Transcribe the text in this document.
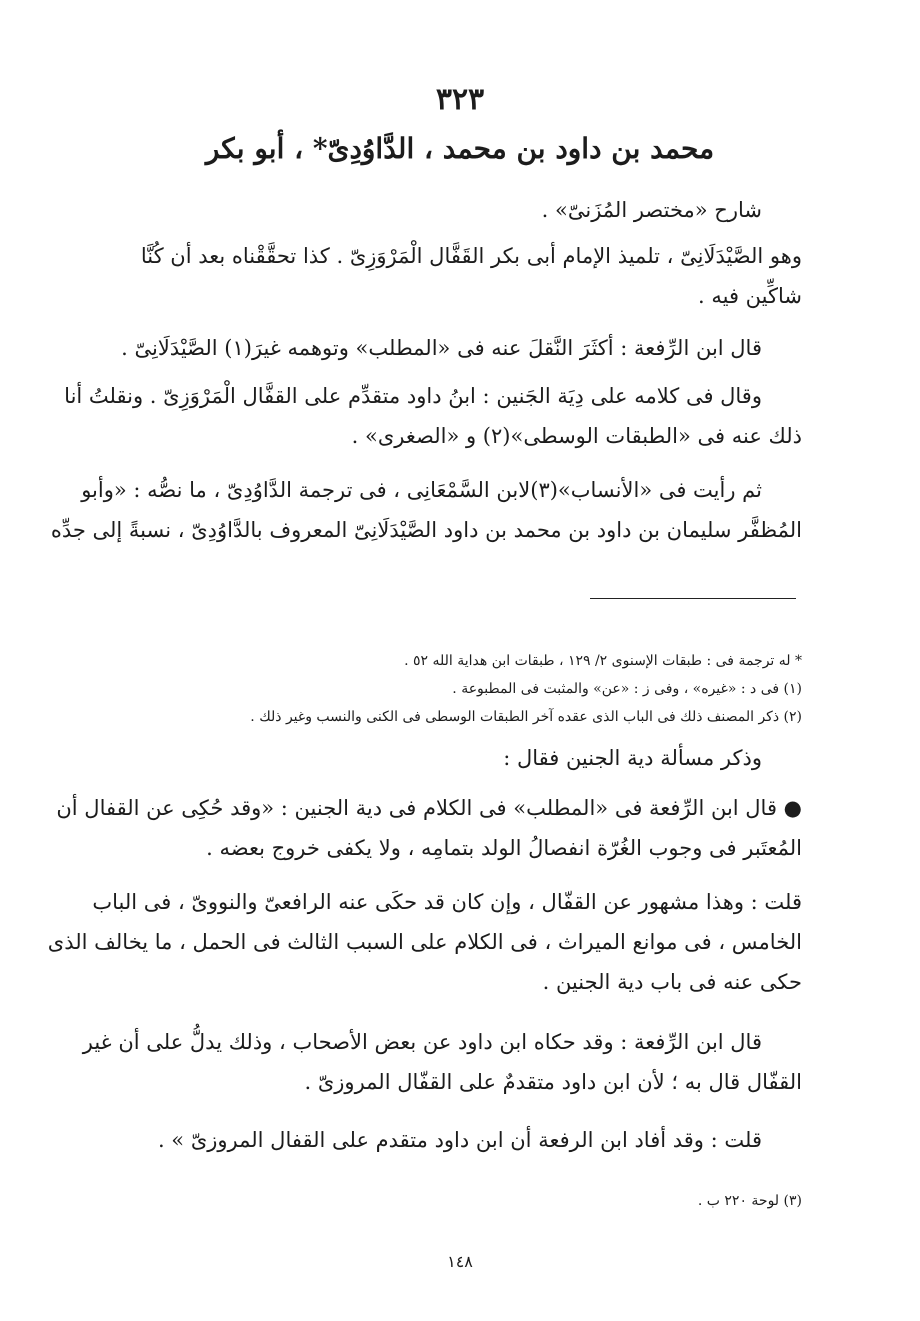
٣٢٣
محمد بن داود بن محمد ، الدَّاوُدِىّ* ، أبو بكر

شارح «مختصر المُزَنىّ» .

وهو الصَّيْدَلَانِىّ ، تلميذ الإمام أبى بكر القَفَّال الْمَرْوَزِىّ . كذا تحقَّقْناه بعد أن كُنَّا
شاكِّين فيه .

قال ابن الرِّفعة : أكثَرَ النَّقلَ عنه فى «المطلب» وتوهمه غيرَ(١) الصَّيْدَلَانِىّ .

وقال فى كلامه على دِيَة الجَنين : ابنُ داود متقدِّم على القفَّال الْمَرْوَزِىّ . ونقلتُ أنا
ذلك عنه فى «الطبقات الوسطى»(٢) و «الصغرى» .

ثم رأيت فى «الأنساب»(٣)لابن السَّمْعَانِى ، فى ترجمة الدَّاوُدِىّ ، ما نصُّه : «وأبو
المُظفَّر سليمان بن داود بن محمد بن داود الصَّيْدَلَانِىّ المعروف بالدَّاوُدِىّ ، نسبةً إلى جدِّه

* له ترجمة فى : طبقات الإسنوى ٢/ ١٢٩ ، طبقات ابن هداية الله ٥٢ .

(١) فى د : «غيره» ، وفى ز : «عن» والمثبت فى المطبوعة .

(٢) ذكر المصنف ذلك فى الباب الذى عقده آخر الطبقات الوسطى فى الكنى والنسب وغير ذلك .

وذكر مسألة دية الجنين فقال :

● قال ابن الرِّفعة فى «المطلب» فى الكلام فى دية الجنين : «وقد حُكِى عن القفال أن
المُعتَبر فى وجوب الغُرّة انفصالُ الولد بتمامِه ، ولا يكفى خروج بعضه .

قلت : وهذا مشهور عن القفّال ، وإن كان قد حكَى عنه الرافعىّ والنووىّ ، فى الباب
الخامس ، فى موانع الميراث ، فى الكلام على السبب الثالث فى الحمل ، ما يخالف الذى
حكى عنه فى باب دية الجنين .

قال ابن الرِّفعة : وقد حكاه ابن داود عن بعض الأصحاب ، وذلك يدلُّ على أن غير
القفّال قال به ؛ لأن ابن داود متقدمٌ على القفّال المروزىّ .

قلت : وقد أفاد ابن الرفعة أن ابن داود متقدم على القفال المروزىّ » .

(٣) لوحة ٢٢٠ ب .

١٤٨
